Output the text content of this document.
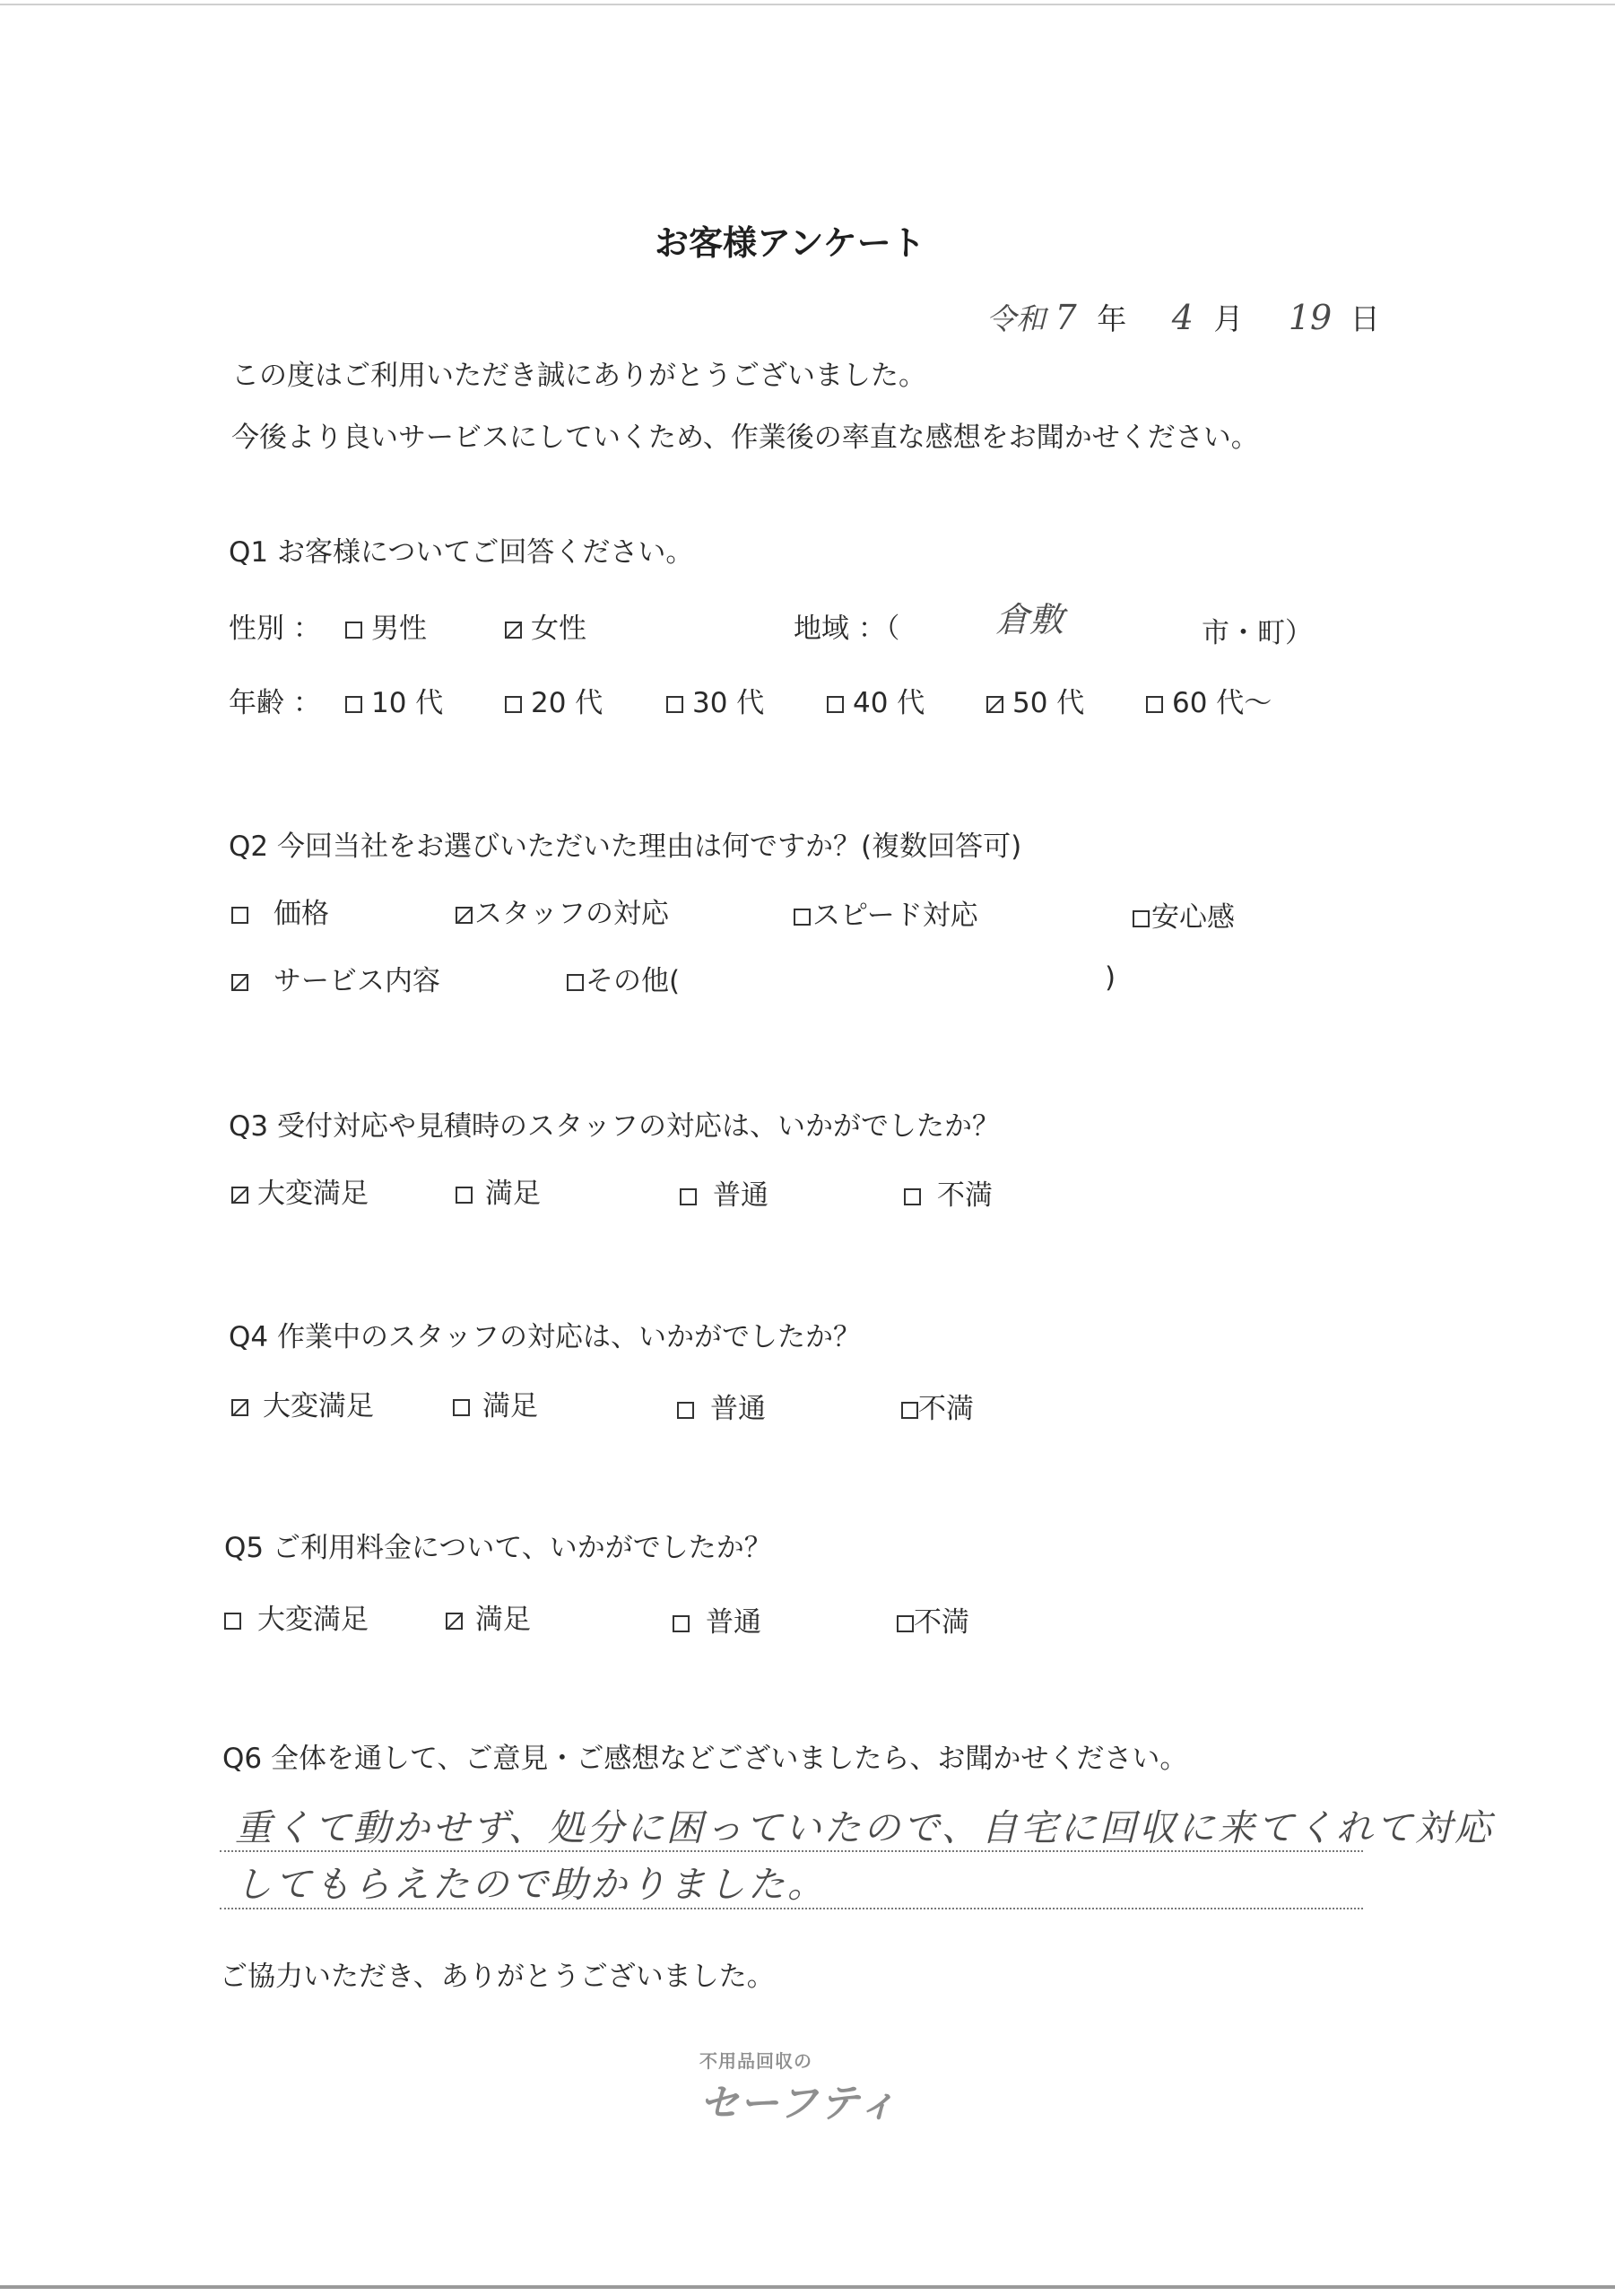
お客様アンケート
令和 7 年 4 月 19 日
この度はご利用いただき誠にありがとうございました。
今後より良いサービスにしていくため、作業後の率直な感想をお聞かせください。
Q1 お客様についてご回答ください。
性別 ：	男性	女性	地域 ：（	倉敷	市・町）
年齢 ：	10 代	20 代	30 代	40 代	50 代	60 代～
Q2 今回当社をお選びいただいた理由は何ですか？(複数回答可)
価格	スタッフの対応	スピード対応	安心感
サービス内容	その他(	)
Q3 受付対応や見積時のスタッフの対応は、いかがでしたか？
大変満足	満足	普通	不満
Q4 作業中のスタッフの対応は、いかがでしたか？
大変満足	満足	普通	不満
Q5 ご利用料金について、いかがでしたか？
大変満足	満足	普通	不満
Q6 全体を通して、ご意見・ご感想などございましたら、お聞かせください。
重くて動かせず、処分に困っていたので、自宅に回収に来てくれて対応
してもらえたので助かりました。
ご協力いただき、ありがとうございました。
不用品回収の
セーフティ
